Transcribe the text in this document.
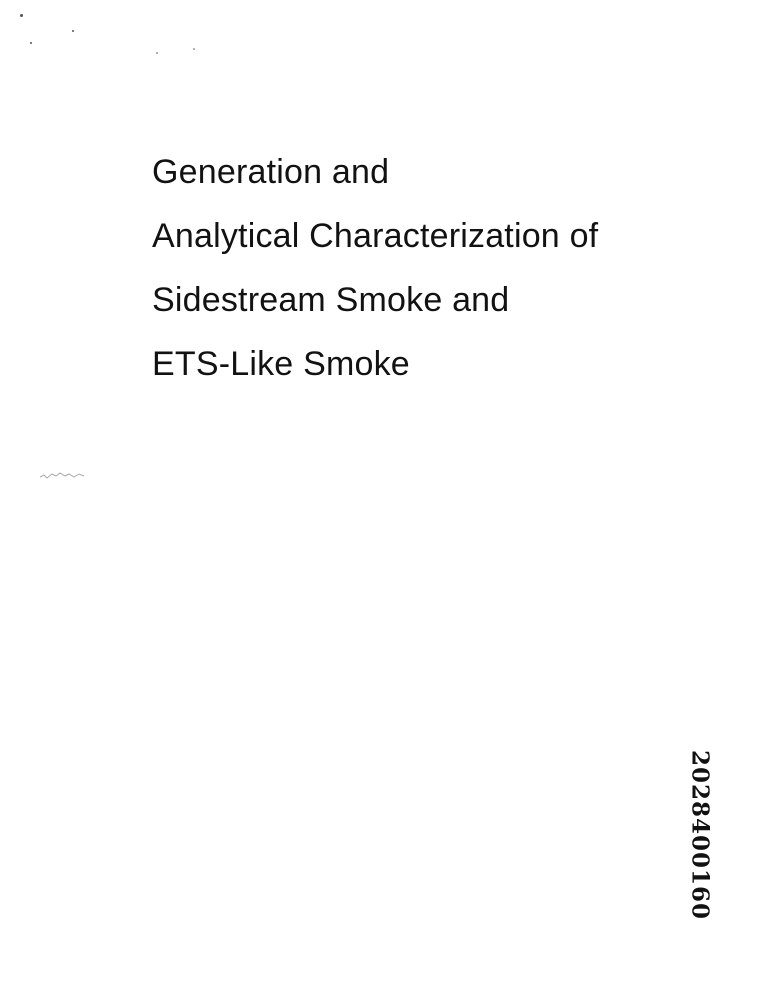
Generation and
Analytical Characterization of
Sidestream Smoke and
ETS-Like Smoke
2028400160
